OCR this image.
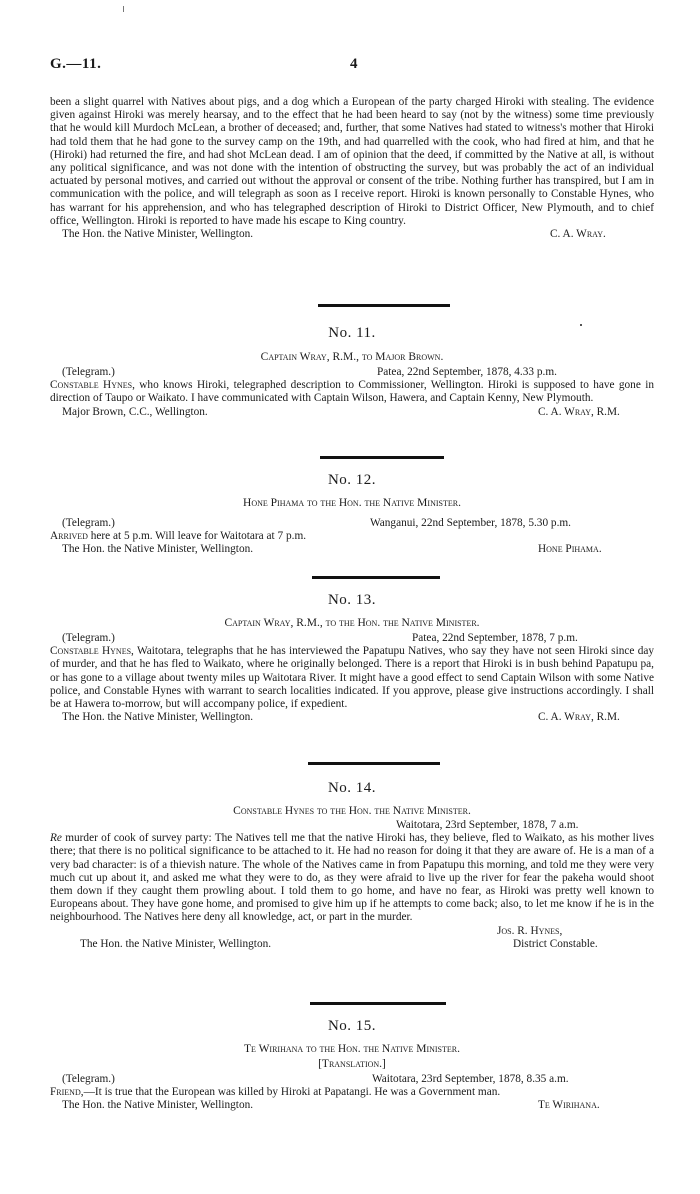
G.—11.	4

been a slight quarrel with Natives about pigs, and a dog which a European of the party charged Hiroki with stealing. The evidence given against Hiroki was merely hearsay, and to the effect that he had been heard to say (not by the witness) some time previously that he would kill Murdoch McLean, a brother of deceased; and, further, that some Natives had stated to witness's mother that Hiroki had told them that he had gone to the survey camp on the 19th, and had quarrelled with the cook, who had fired at him, and that he (Hiroki) had returned the fire, and had shot McLean dead. I am of opinion that the deed, if committed by the Native at all, is without any political significance, and was not done with the intention of obstructing the survey, but was probably the act of an individual actuated by personal motives, and carried out without the approval or consent of the tribe. Nothing further has transpired, but I am in communication with the police, and will telegraph as soon as I receive report. Hiroki is known personally to Constable Hynes, who has warrant for his apprehension, and who has telegraphed description of Hiroki to District Officer, New Plymouth, and to chief office, Wellington. Hiroki is reported to have made his escape to King country.

The Hon. the Native Minister, Wellington.	C. A. Wray.
No. 11.
Captain Wray, R.M., to Major Brown.
(Telegram.)	Patea, 22nd September, 1878, 4.33 p.m.

Constable Hynes, who knows Hiroki, telegraphed description to Commissioner, Wellington. Hiroki is supposed to have gone in direction of Taupo or Waikato. I have communicated with Captain Wilson, Hawera, and Captain Kenny, New Plymouth.

Major Brown, C.C., Wellington.	C. A. Wray, R.M.
No. 12.
Hone Pihama to the Hon. the Native Minister.
(Telegram.)	Wanganui, 22nd September, 1878, 5.30 p.m.

Arrived here at 5 p.m. Will leave for Waitotara at 7 p.m.

The Hon. the Native Minister, Wellington.	Hone Pihama.
No. 13.
Captain Wray, R.M., to the Hon. the Native Minister.
(Telegram.)	Patea, 22nd September, 1878, 7 p.m.

Constable Hynes, Waitotara, telegraphs that he has interviewed the Papatupu Natives, who say they have not seen Hiroki since day of murder, and that he has fled to Waikato, where he originally belonged. There is a report that Hiroki is in bush behind Papatupu pa, or has gone to a village about twenty miles up Waitotara River. It might have a good effect to send Captain Wilson with some Native police, and Constable Hynes with warrant to search localities indicated. If you approve, please give instructions accordingly. I shall be at Hawera to-morrow, but will accompany police, if expedient.

The Hon. the Native Minister, Wellington.	C. A. Wray, R.M.
No. 14.
Constable Hynes to the Hon. the Native Minister.
Waitotara, 23rd September, 1878, 7 a.m.

Re murder of cook of survey party: The Natives tell me that the native Hiroki has, they believe, fled to Waikato, as his mother lives there; that there is no political significance to be attached to it. He had no reason for doing it that they are aware of. He is a man of a very bad character: is of a thievish nature. The whole of the Natives came in from Papatupu this morning, and told me they were very much cut up about it, and asked me what they were to do, as they were afraid to live up the river for fear the pakeha would shoot them down if they caught them prowling about. I told them to go home, and have no fear, as Hiroki was pretty well known to Europeans about. They have gone home, and promised to give him up if he attempts to come back; also, to let me know if he is in the neighbourhood. The Natives here deny all knowledge, act, or part in the murder.

Jos. R. Hynes,
The Hon. the Native Minister, Wellington.	District Constable.
No. 15.
Te Wirihana to the Hon. the Native Minister.
[Translation.]
(Telegram.)	Waitotara, 23rd September, 1878, 8.35 a.m.

Friend,—It is true that the European was killed by Hiroki at Papatangi. He was a Government man.

The Hon. the Native Minister, Wellington.	Te Wirihana.
